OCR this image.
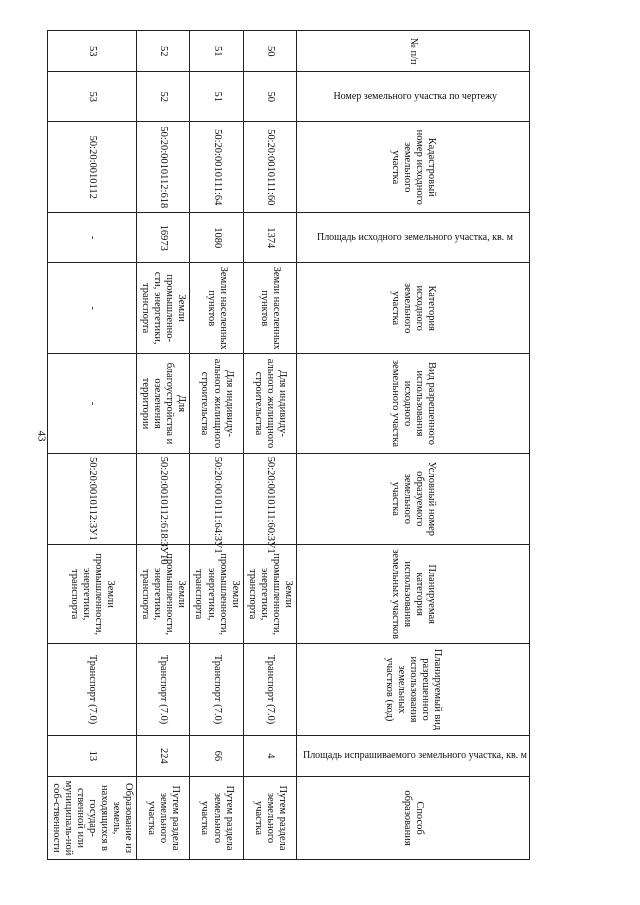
43
№ п/п	Номер земельного участка по чертежу	Кадастровый номер исходного земельного участка	Площадь исходного земельного участка, кв. м	Категория исходного земельного участка	Вид разрешенного использования исходного земельного участка	Условный номер образуемого земельного участка	Планируемая категория использования земельных участков	Планируемый вид разрешенного использования земельных участков (код)	Площадь испрашиваемого земельного участка, кв. м	Способ образования
50	50	50:20:0010111:60	1374	Земли населенных пунктов	Для индивиду-ального жилищного строительства	50:20:0010111:60:ЗУ1	Земли промышленности, энергетики, транспорта	Транспорт (7.0)	4	Путем раздела земельного участка
51	51	50:20:0010111:64	1080	Земли населенных пунктов	Для индивиду-ального жилищного строительства	50:20:0010111:64:ЗУ1	Земли промышленности, энергетики, транспорта	Транспорт (7.0)	66	Путем раздела земельного участка
52	52	50:20:0010112:618	16973	Земли промышленно-сти, энергетики, транспорта	Для благоустройства и озеленения территории	50:20:0010112:618:ЗУ10	Земли промышленности, энергетики, транспорта	Транспорт (7.0)	224	Путем раздела земельного участка
53	53	50:20:0010112	-	-	-	50:20:0010112:ЗУ1	Земли промышленности, энергетики, транспорта	Транспорт (7.0)	13	Образование из земель, находящихся в государ-ственной или муниципаль-ной соб-ственности
